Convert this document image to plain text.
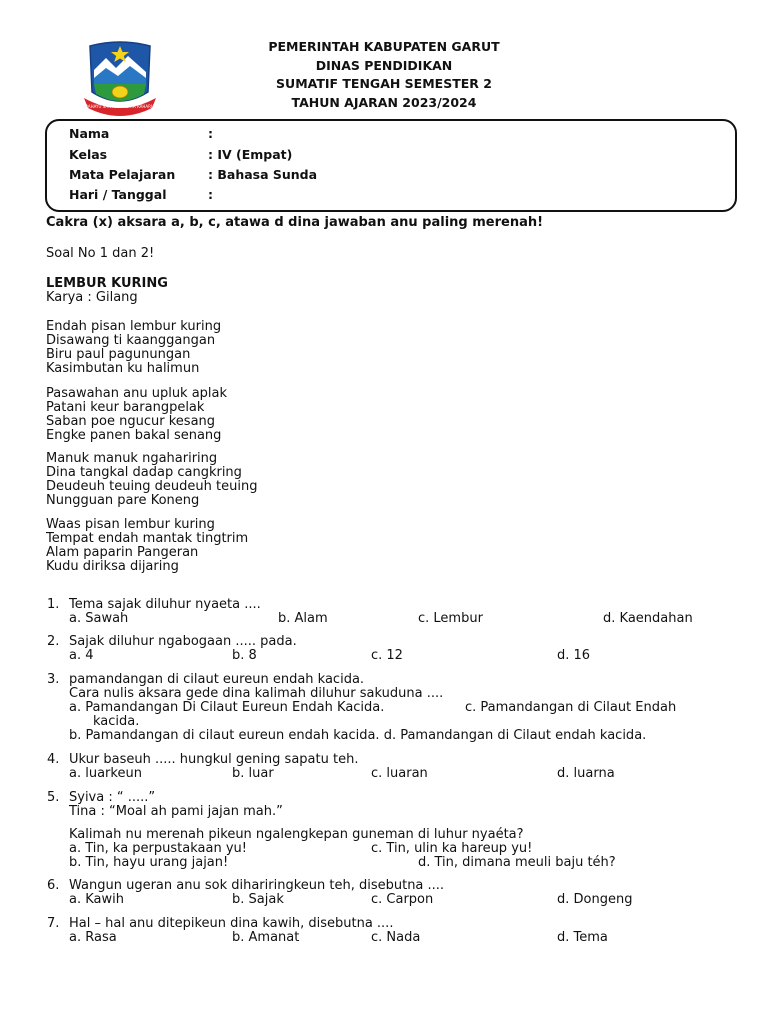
RAHAYU SANTOSA KERTA RAHARJA
PEMERINTAH KABUPATEN GARUT
DINAS PENDIDIKAN
SUMATIF TENGAH SEMESTER 2
TAHUN AJARAN 2023/2024
Nama	:
Kelas	: IV (Empat)
Mata Pelajaran	: Bahasa Sunda
Hari / Tanggal	:
Cakra (x) aksara a, b, c, atawa d dina jawaban anu paling merenah!
Soal No 1 dan 2!
LEMBUR KURING
Karya : Gilang
Endah pisan lembur kuring
Disawang ti kaanggangan
Biru paul pagunungan
Kasimbutan ku halimun
Pasawahan anu upluk aplak
Patani keur barangpelak
Saban poe ngucur kesang
Engke panen bakal senang
Manuk manuk ngahariring
Dina tangkal dadap cangkring
Deudeuh teuing deudeuh teuing
Nungguan pare Koneng
Waas pisan lembur kuring
Tempat endah mantak tingtrim
Alam paparin Pangeran
Kudu diriksa dijaring
1. Tema sajak diluhur nyaeta ....
a. Sawah	b. Alam	c. Lembur	d. Kaendahan
2. Sajak diluhur ngabogaan ..... pada.
a. 4	b. 8	c. 12	d. 16
3. pamandangan di cilaut eureun endah kacida.
Cara nulis aksara gede dina kalimah diluhur sakuduna ....
a. Pamandangan Di Cilaut Eureun Endah Kacida.	c. Pamandangan di Cilaut Endah
kacida.
b. Pamandangan di cilaut eureun endah kacida. d. Pamandangan di Cilaut endah kacida.
4. Ukur baseuh ..... hungkul gening sapatu teh.
a. luarkeun	b. luar	c. luaran	d. luarna
5. Syiva : “ .....”
Tina : “Moal ah pami jajan mah.”
Kalimah nu merenah pikeun ngalengkepan guneman di luhur nyaéta?
a. Tin, ka perpustakaan yu!	c. Tin, ulin ka hareup yu!
b. Tin, hayu urang jajan!	d. Tin, dimana meuli baju téh?
6. Wangun ugeran anu sok dihariringkeun teh, disebutna ....
a. Kawih	b. Sajak	c. Carpon	d. Dongeng
7. Hal – hal anu ditepikeun dina kawih, disebutna ....
a. Rasa	b. Amanat	c. Nada	d. Tema
